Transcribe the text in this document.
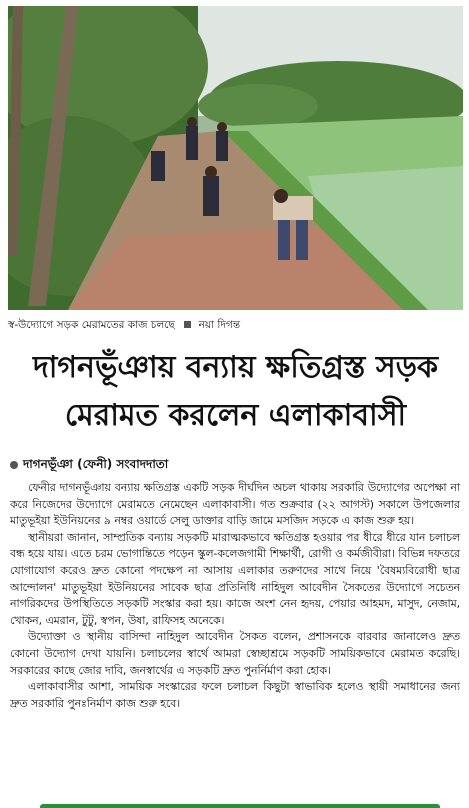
স্ব-উদ্যোগে সড়ক মেরামতের কাজ চলছে নয়া দিগন্ত
দাগনভূঁঞায় বন্যায় ক্ষতিগ্রস্ত সড়ক
মেরামত করলেন এলাকাবাসী
দাগনভূঁঞা (ফেনী) সংবাদদাতা

ফেনীর দাগনভূঁঞায় বন্যায় ক্ষতিগ্রস্ত একটি সড়ক দীর্ঘদিন অচল থাকায় সরকারি উদ্যোগের অপেক্ষা না করে নিজেদের উদ্যোগে মেরামতে নেমেছেন এলাকাবাসী। গত শুক্রবার (২২ আগস্ট) সকালে উপজেলার মাতুভূইয়া ইউনিয়নের ৯ নম্বর ওয়ার্ডে সেলু ডাক্তার বাড়ি জামে মসজিদ সড়কে এ কাজ শুরু হয়।

স্থানীয়রা জানান, সাম্প্রতিক বন্যায় সড়কটি মারাত্মকভাবে ক্ষতিগ্রস্ত হওয়ার পর ধীরে ধীরে যান চলাচল বন্ধ হয়ে যায়। এতে চরম ভোগান্তিতে পড়েন স্কুল-কলেজগামী শিক্ষার্থী, রোগী ও কর্মজীবীরা। বিভিন্ন দফতরে যোগাযোগ করেও দ্রুত কোনো পদক্ষেপ না আসায় এলাকার তরুণদের সাথে নিয়ে 'বৈষম্যবিরোধী ছাত্র আন্দোলন' মাতুভূইয়া ইউনিয়নের সাবেক ছাত্র প্রতিনিধি নাহিদুল আবেদীন সৈকতের উদ্যোগে সচেতন নাগরিকদের উপস্থিতিতে সড়কটি সংস্কার করা হয়। কাজে অংশ নেন হৃদয়, পেয়ার আহমদ, মাসুদ, নেজাম, খোকন, এমরান, টুটু, স্বপন, উষা, রাফিসহ অনেকে।

উদ্যোক্তা ও স্থানীয় বাসিন্দা নাহিদুল আবেদীন সৈকত বলেন, প্রশাসনকে বারবার জানালেও দ্রুত কোনো উদ্যোগ দেখা যায়নি। চলাচলের স্বার্থে আমরা স্বেচ্ছাশ্রমে সড়কটি সাময়িকভাবে মেরামত করেছি। সরকারের কাছে জোর দাবি, জনস্বার্থের এ সড়কটি দ্রুত পুনর্নির্মাণ করা হোক।

এলাকাবাসীর আশা, সাময়িক সংস্কারের ফলে চলাচল কিছুটা স্বাভাবিক হলেও স্থায়ী সমাধানের জন্য দ্রুত সরকারি পুনঃনির্মাণ কাজ শুরু হবে।
